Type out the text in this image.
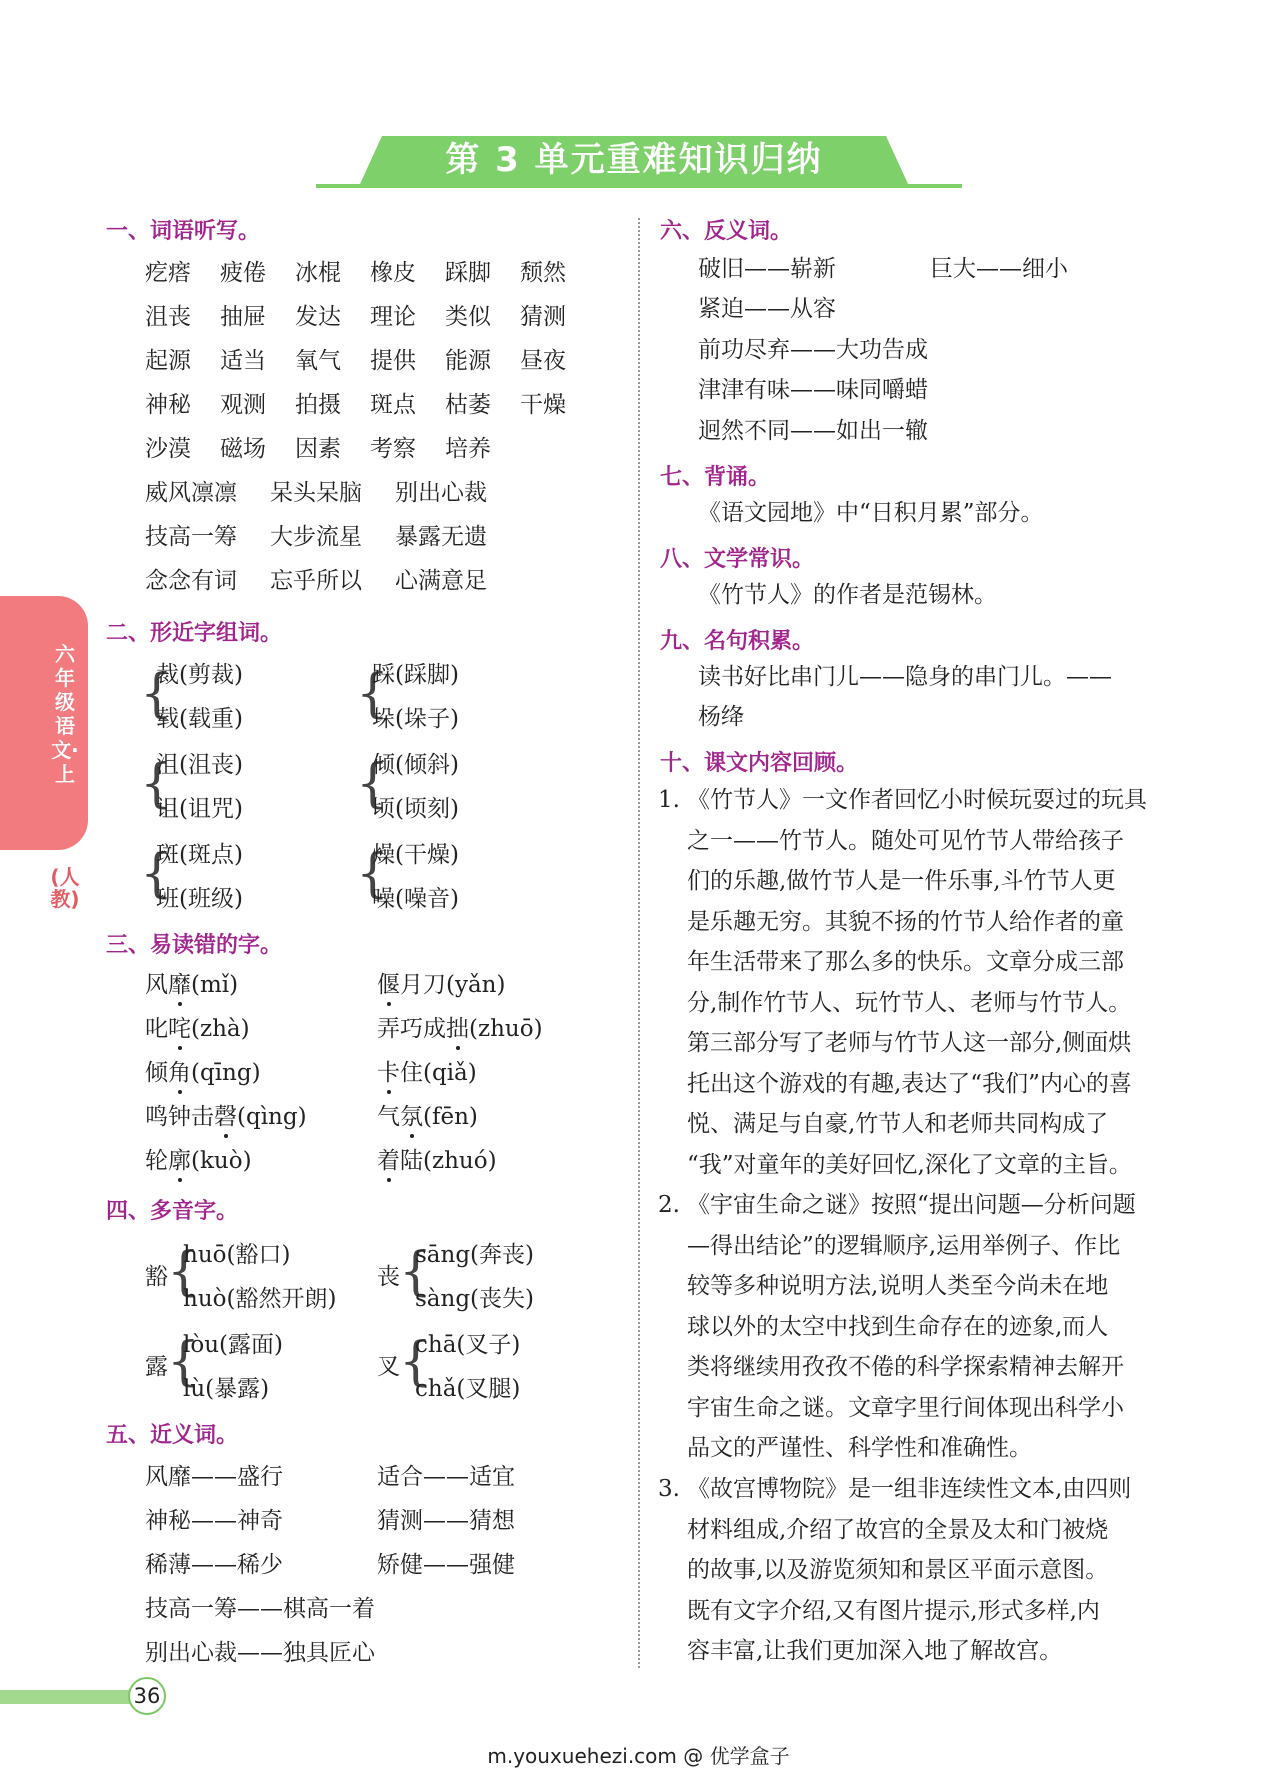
第 3 单元重难知识归纳
六年级语文·上
(人教)
一、词语听写。
疙瘩 疲倦 冰棍 橡皮 踩脚 颓然
沮丧 抽屉 发达 理论 类似 猜测
起源 适当 氧气 提供 能源 昼夜
神秘 观测 拍摄 斑点 枯萎 干燥
沙漠 磁场 因素 考察 培养
威风凛凛 呆头呆脑 别出心裁
技高一筹 大步流星 暴露无遗
念念有词 忘乎所以 心满意足
二、形近字组词。
{
裁(剪裁)
载(载重) {
踩(踩脚)
垛(垛子)
{
沮(沮丧)
诅(诅咒) {
倾(倾斜)
顷(顷刻)
{
斑(斑点)
班(班级) {
燥(干燥)
噪(噪音)
三、易读错的字。
风靡(mǐ)	偃月刀(yǎn)
叱咤(zhà)	弄巧成拙(zhuō)
倾角(qīng)	卡住(qiǎ)
鸣钟击磬(qìng)	气氛(fēn)
轮廓(kuò)	着陆(zhuó)
四、多音字。
豁 {
huō(豁口)
huò(豁然开朗)
丧 {
sāng(奔丧)
sàng(丧失)
露 {
lòu(露面)
lù(暴露)
叉 {
chā(叉子)
chǎ(叉腿)
五、近义词。
风靡——盛行	适合——适宜
神秘——神奇	猜测——猜想
稀薄——稀少	矫健——强健
技高一筹——棋高一着
别出心裁——独具匠心
六、反义词。
破旧——崭新	巨大——细小
紧迫——从容
前功尽弃——大功告成
津津有味——味同嚼蜡
迥然不同——如出一辙
七、背诵。
《语文园地》中“日积月累”部分。
八、文学常识。
《竹节人》的作者是范锡林。
九、名句积累。
读书好比串门儿——隐身的串门儿。——
杨绛
十、课文内容回顾。
1. 《竹节人》一文作者回忆小时候玩耍过的玩具
之一——竹节人。随处可见竹节人带给孩子
们的乐趣,做竹节人是一件乐事,斗竹节人更
是乐趣无穷。其貌不扬的竹节人给作者的童
年生活带来了那么多的快乐。文章分成三部
分,制作竹节人、玩竹节人、老师与竹节人。
第三部分写了老师与竹节人这一部分,侧面烘
托出这个游戏的有趣,表达了“我们”内心的喜
悦、满足与自豪,竹节人和老师共同构成了
“我”对童年的美好回忆,深化了文章的主旨。
2. 《宇宙生命之谜》按照“提出问题—分析问题
—得出结论”的逻辑顺序,运用举例子、作比
较等多种说明方法,说明人类至今尚未在地
球以外的太空中找到生命存在的迹象,而人
类将继续用孜孜不倦的科学探索精神去解开
宇宙生命之谜。文章字里行间体现出科学小
品文的严谨性、科学性和准确性。
3. 《故宫博物院》是一组非连续性文本,由四则
材料组成,介绍了故宫的全景及太和门被烧
的故事,以及游览须知和景区平面示意图。
既有文字介绍,又有图片提示,形式多样,内
容丰富,让我们更加深入地了解故宫。
36
m.youxuehezi.com @ 优学盒子
